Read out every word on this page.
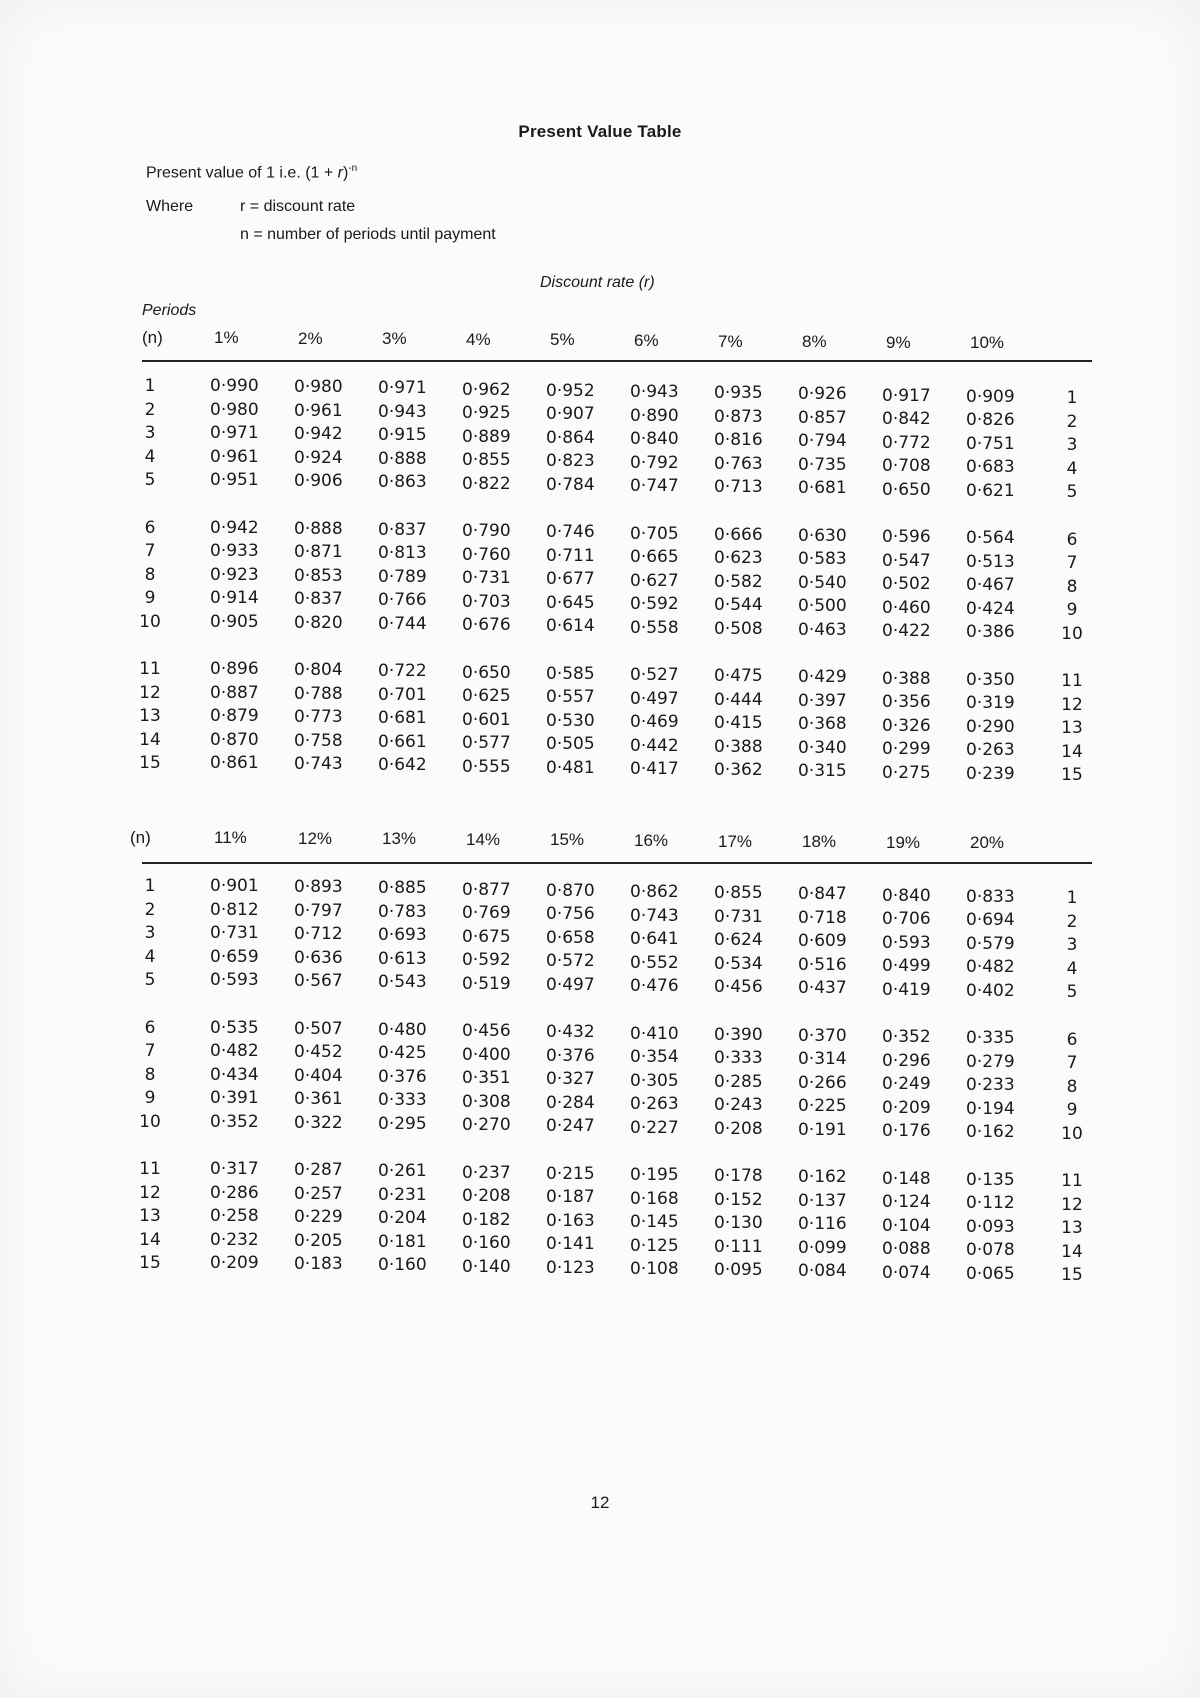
Present Value Table
Present value of 1 i.e. $(1 + r)^{-n}$
Where	r = discount rate
n = number of periods until payment
Discount rate (r)
Periods
(n)	1%	2%	3%	4%	5%	6%	7%	8%	9%	10%
1	0·990 0·980 0·971 0·962 0·952 0·943 0·935 0·926 0·917 0·909	1
2	0·980 0·961 0·943 0·925 0·907 0·890 0·873 0·857 0·842 0·826	2
3	0·971 0·942 0·915 0·889 0·864 0·840 0·816 0·794 0·772 0·751	3
4	0·961 0·924 0·888 0·855 0·823 0·792 0·763 0·735 0·708 0·683	4
5	0·951 0·906 0·863 0·822 0·784 0·747 0·713 0·681 0·650 0·621	5
6	0·942 0·888 0·837 0·790 0·746 0·705 0·666 0·630 0·596 0·564	6
7	0·933 0·871 0·813 0·760 0·711 0·665 0·623 0·583 0·547 0·513	7
8	0·923 0·853 0·789 0·731 0·677 0·627 0·582 0·540 0·502 0·467	8
9	0·914 0·837 0·766 0·703 0·645 0·592 0·544 0·500 0·460 0·424	9
10	0·905 0·820 0·744 0·676 0·614 0·558 0·508 0·463 0·422 0·386	10
11	0·896 0·804 0·722 0·650 0·585 0·527 0·475 0·429 0·388 0·350	11
12	0·887 0·788 0·701 0·625 0·557 0·497 0·444 0·397 0·356 0·319	12
13	0·879 0·773 0·681 0·601 0·530 0·469 0·415 0·368 0·326 0·290	13
14	0·870 0·758 0·661 0·577 0·505 0·442 0·388 0·340 0·299 0·263	14
15	0·861 0·743 0·642 0·555 0·481 0·417 0·362 0·315 0·275 0·239	15
(n)	11%	12%	13%	14%	15%	16%	17%	18%	19%	20%
1	0·901 0·893 0·885 0·877 0·870 0·862 0·855 0·847 0·840 0·833	1
2	0·812 0·797 0·783 0·769 0·756 0·743 0·731 0·718 0·706 0·694	2
3	0·731 0·712 0·693 0·675 0·658 0·641 0·624 0·609 0·593 0·579	3
4	0·659 0·636 0·613 0·592 0·572 0·552 0·534 0·516 0·499 0·482	4
5	0·593 0·567 0·543 0·519 0·497 0·476 0·456 0·437 0·419 0·402	5
6	0·535 0·507 0·480 0·456 0·432 0·410 0·390 0·370 0·352 0·335	6
7	0·482 0·452 0·425 0·400 0·376 0·354 0·333 0·314 0·296 0·279	7
8	0·434 0·404 0·376 0·351 0·327 0·305 0·285 0·266 0·249 0·233	8
9	0·391 0·361 0·333 0·308 0·284 0·263 0·243 0·225 0·209 0·194	9
10	0·352 0·322 0·295 0·270 0·247 0·227 0·208 0·191 0·176 0·162	10
11	0·317 0·287 0·261 0·237 0·215 0·195 0·178 0·162 0·148 0·135	11
12	0·286 0·257 0·231 0·208 0·187 0·168 0·152 0·137 0·124 0·112	12
13	0·258 0·229 0·204 0·182 0·163 0·145 0·130 0·116 0·104 0·093	13
14	0·232 0·205 0·181 0·160 0·141 0·125 0·111 0·099 0·088 0·078	14
15	0·209 0·183 0·160 0·140 0·123 0·108 0·095 0·084 0·074 0·065	15
12
